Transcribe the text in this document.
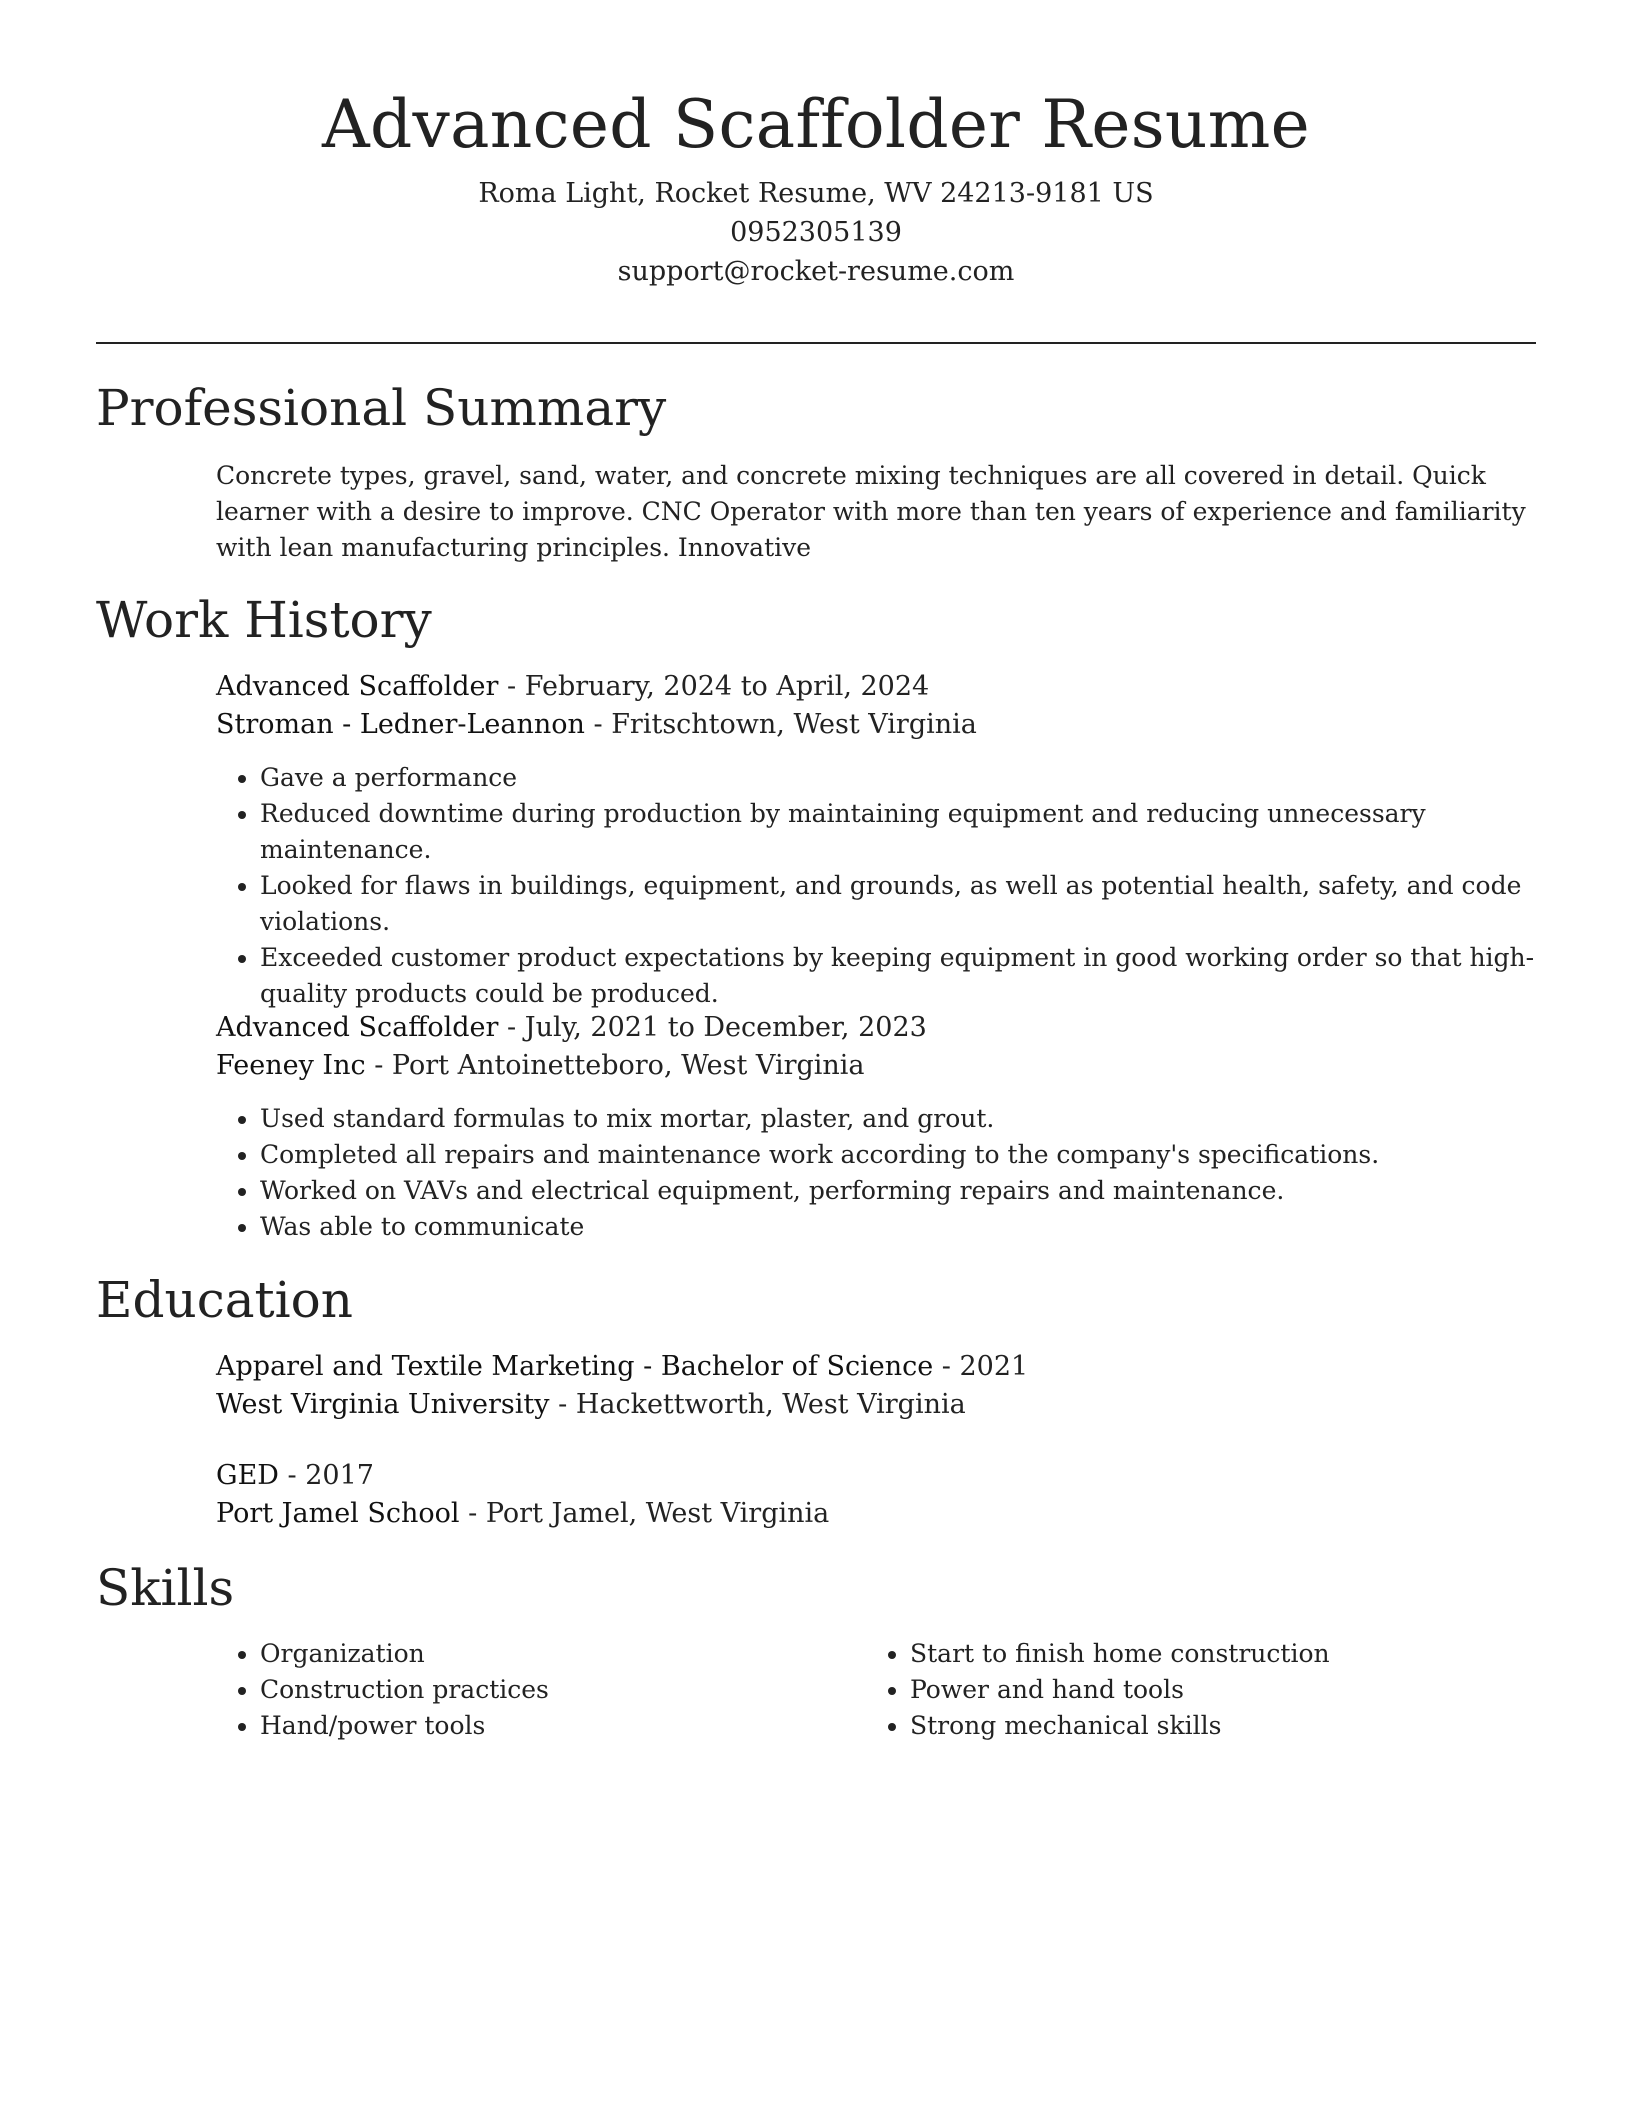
Advanced Scaffolder Resume
Roma Light, Rocket Resume, WV 24213-9181 US
0952305139
support@rocket-resume.com
Professional Summary

Concrete types, gravel, sand, water, and concrete mixing techniques are all covered in detail. Quick learner with a desire to improve. CNC Operator with more than ten years of experience and familiarity with lean manufacturing principles. Innovative

Work History
Advanced Scaffolder - February, 2024 to April, 2024
Stroman - Ledner-Leannon - Fritschtown, West Virginia
• Gave a performance
• Reduced downtime during production by maintaining equipment and reducing unnecessary maintenance.
• Looked for flaws in buildings, equipment, and grounds, as well as potential health, safety, and code violations.
• Exceeded customer product expectations by keeping equipment in good working order so that high-quality products could be produced.
Advanced Scaffolder - July, 2021 to December, 2023
Feeney Inc - Port Antoinetteboro, West Virginia
• Used standard formulas to mix mortar, plaster, and grout.
• Completed all repairs and maintenance work according to the company's specifications.
• Worked on VAVs and electrical equipment, performing repairs and maintenance.
• Was able to communicate
Education
Apparel and Textile Marketing - Bachelor of Science - 2021
West Virginia University - Hackettworth, West Virginia
GED - 2017
Port Jamel School - Port Jamel, West Virginia
Skills
• Organization
• Construction practices
• Hand/power tools
• Start to finish home construction
• Power and hand tools
• Strong mechanical skills
